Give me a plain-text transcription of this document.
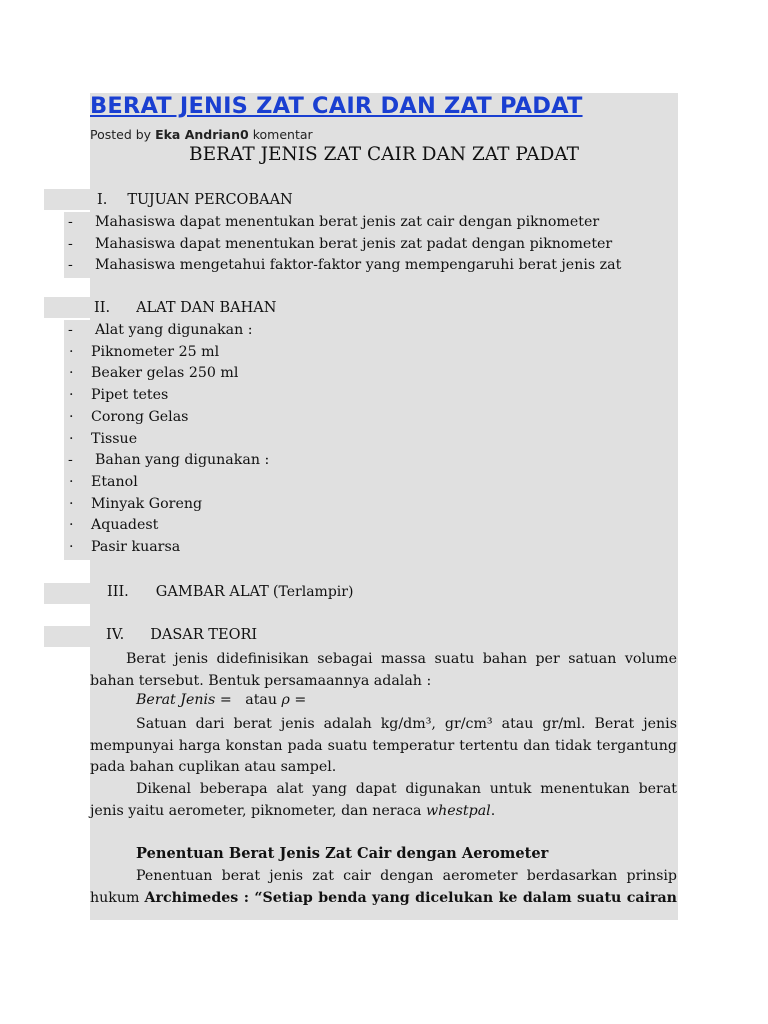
BERAT JENIS ZAT CAIR DAN ZAT PADAT
Posted by Eka Andrian0 komentar
BERAT JENIS ZAT CAIR DAN ZAT PADAT
I. TUJUAN PERCOBAAN
- Mahasiswa dapat menentukan berat jenis zat cair dengan piknometer
- Mahasiswa dapat menentukan berat jenis zat padat dengan piknometer
- Mahasiswa mengetahui faktor-faktor yang mempengaruhi berat jenis zat
II. ALAT DAN BAHAN
- Alat yang digunakan :
· Piknometer 25 ml
· Beaker gelas 250 ml
· Pipet tetes
· Corong Gelas
· Tissue
- Bahan yang digunakan :
· Etanol
· Minyak Goreng
· Aquadest
· Pasir kuarsa
III. GAMBAR ALAT (Terlampir)
IV. DASAR TEORI
Berat jenis didefinisikan sebagai massa suatu bahan per satuan volume bahan tersebut. Bentuk persamaannya adalah :
Berat Jenis =   atau ρ =
Satuan dari berat jenis adalah kg/dm³, gr/cm³ atau gr/ml. Berat jenis mempunyai harga konstan pada suatu temperatur tertentu dan tidak tergantung pada bahan cuplikan atau sampel.
Dikenal beberapa alat yang dapat digunakan untuk menentukan berat jenis yaitu aerometer, piknometer, dan neraca whestpal.
Penentuan Berat Jenis Zat Cair dengan Aerometer
Penentuan berat jenis zat cair dengan aerometer berdasarkan prinsip
hukum Archimedes : “Setiap benda yang dicelukan ke dalam suatu cairan
